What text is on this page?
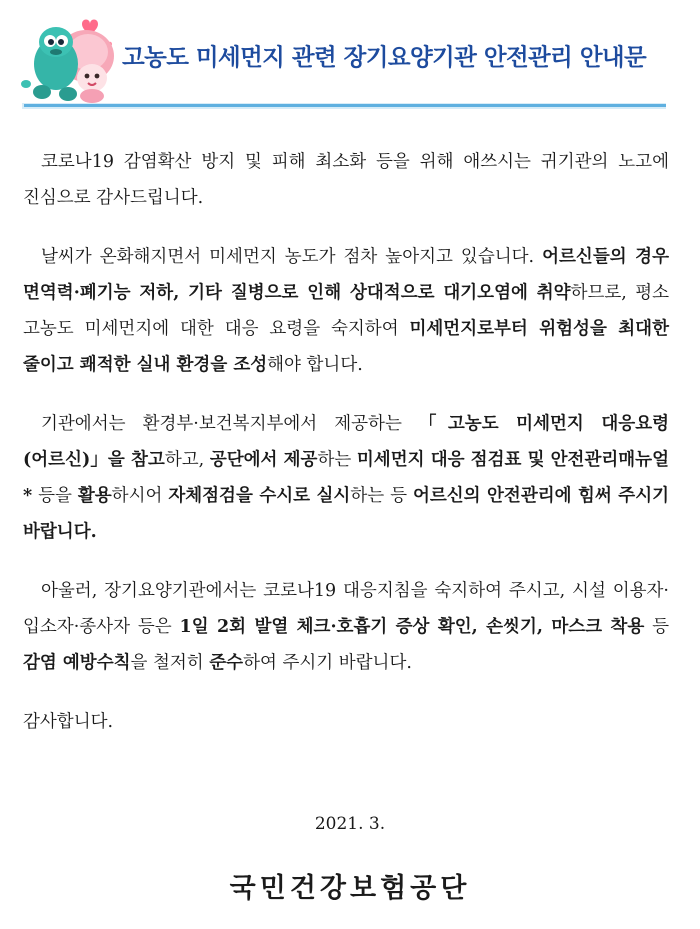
고농도 미세먼지 관련 장기요양기관 안전관리 안내문

코로나19 감염확산 방지 및 피해 최소화 등을 위해 애쓰시는 귀기관의 노고에 진심으로 감사드립니다.

날씨가 온화해지면서 미세먼지 농도가 점차 높아지고 있습니다. 어르신들의 경우 면역력·폐기능 저하, 기타 질병으로 인해 상대적으로 대기오염에 취약하므로, 평소 고농도 미세먼지에 대한 대응 요령을 숙지하여 미세먼지로부터 위험성을 최대한 줄이고 쾌적한 실내 환경을 조성해야 합니다.

기관에서는 환경부·보건복지부에서 제공하는 「고농도 미세먼지 대응요령(어르신)」을 참고하고, 공단에서 제공하는 미세먼지 대응 점검표 및 안전관리매뉴얼* 등을 활용하시어 자체점검을 수시로 실시하는 등 어르신의 안전관리에 힘써 주시기 바랍니다.

아울러, 장기요양기관에서는 코로나19 대응지침을 숙지하여 주시고, 시설 이용자·입소자·종사자 등은 1일 2회 발열 체크·호흡기 증상 확인, 손씻기, 마스크 착용 등 감염 예방수칙을 철저히 준수하여 주시기 바랍니다.

감사합니다.

2021. 3.
국민건강보험공단
